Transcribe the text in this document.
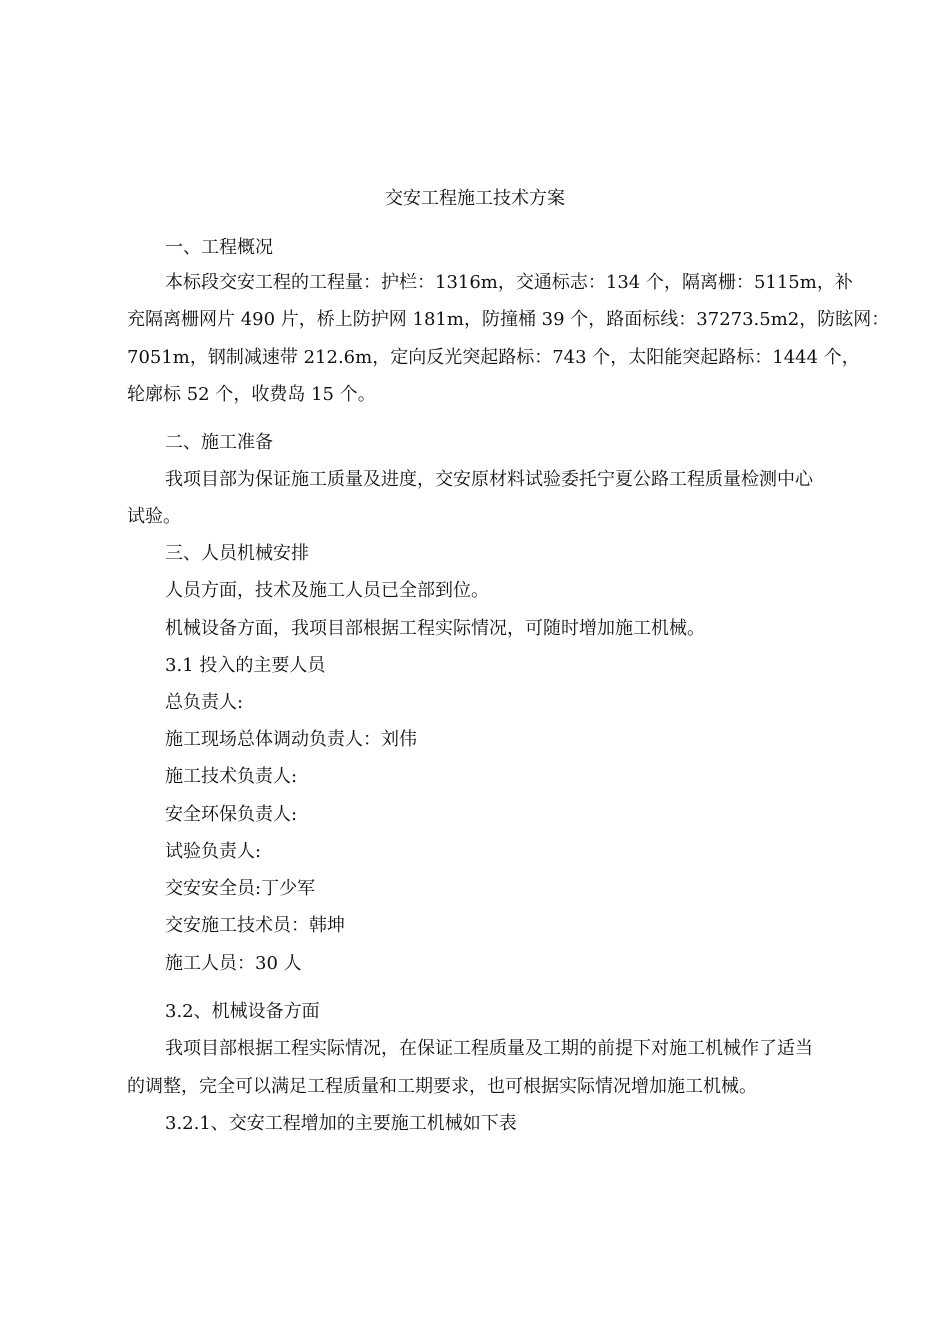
交安工程施工技术方案
一、工程概况
本标段交安工程的工程量：护栏：1316m，交通标志：134 个，隔离栅：5115m，补
充隔离栅网片 490 片，桥上防护网 181m，防撞桶 39 个，路面标线：37273.5m2，防眩网：
7051m，钢制减速带 212.6m，定向反光突起路标：743 个，太阳能突起路标：1444 个，
轮廓标 52 个，收费岛 15 个。
二、施工准备
我项目部为保证施工质量及进度，交安原材料试验委托宁夏公路工程质量检测中心
试验。
三、人员机械安排
人员方面，技术及施工人员已全部到位。
机械设备方面，我项目部根据工程实际情况，可随时增加施工机械。
3.1 投入的主要人员
总负责人:
施工现场总体调动负责人：刘伟
施工技术负责人:
安全环保负责人:
试验负责人:
交安安全员:丁少军
交安施工技术员：韩坤
施工人员：30 人
3.2、机械设备方面
我项目部根据工程实际情况，在保证工程质量及工期的前提下对施工机械作了适当
的调整，完全可以满足工程质量和工期要求，也可根据实际情况增加施工机械。
3.2.1、交安工程增加的主要施工机械如下表
